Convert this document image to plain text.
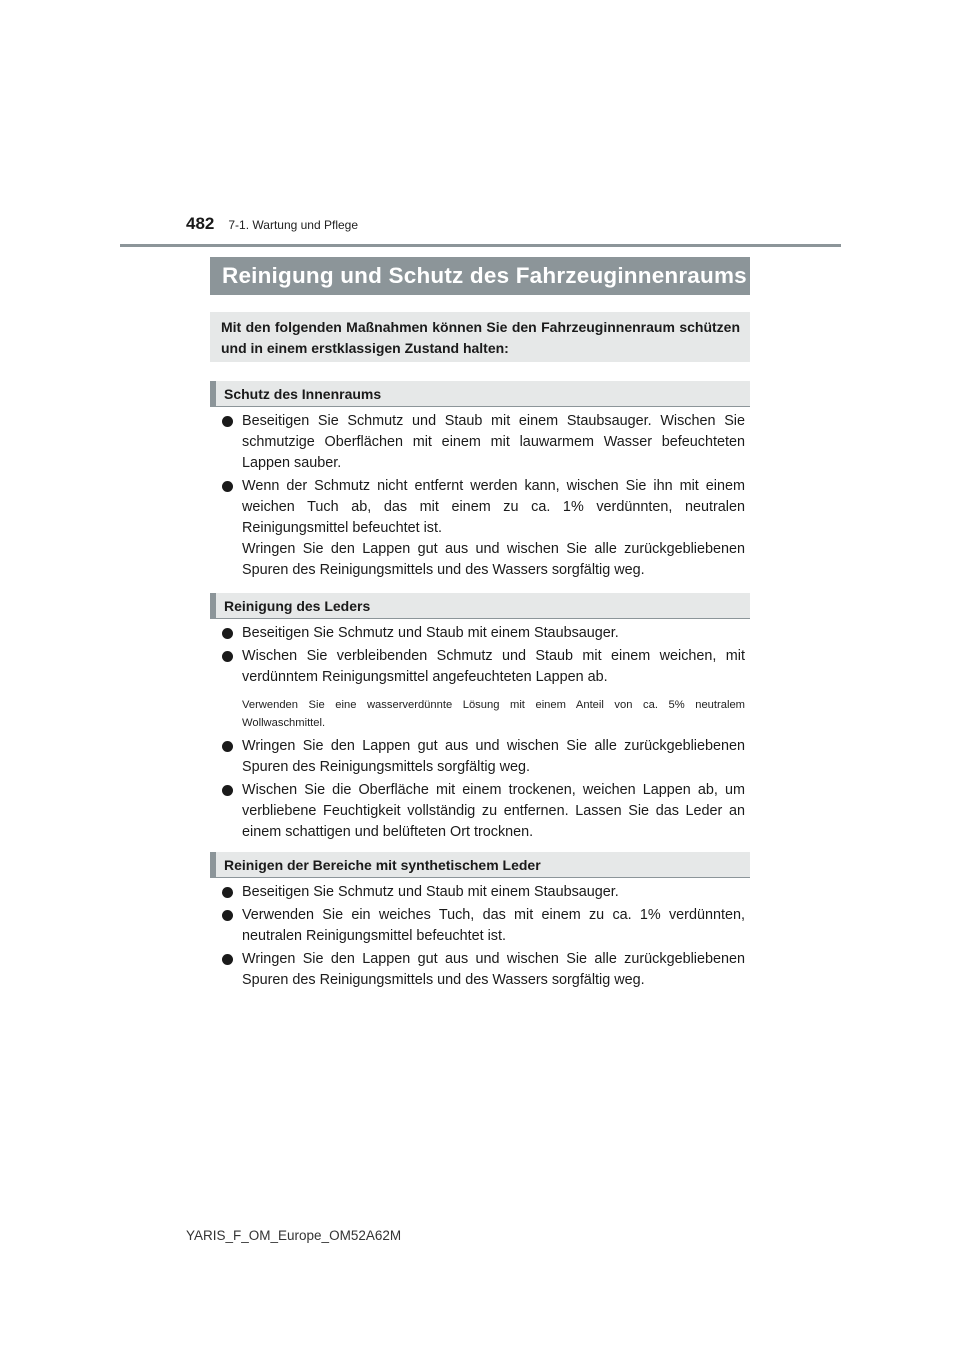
482 7-1. Wartung und Pflege
Reinigung und Schutz des Fahrzeuginnenraums
Mit den folgenden Maßnahmen können Sie den Fahrzeuginnenraum schützen und in einem erstklassigen Zustand halten:
Schutz des Innenraums
Beseitigen Sie Schmutz und Staub mit einem Staubsauger. Wischen Sie schmutzige Oberflächen mit einem mit lauwarmem Wasser befeuchteten Lappen sauber.
Wenn der Schmutz nicht entfernt werden kann, wischen Sie ihn mit einem weichen Tuch ab, das mit einem zu ca. 1% verdünnten, neutralen Reinigungsmittel befeuchtet ist.
Wringen Sie den Lappen gut aus und wischen Sie alle zurückgebliebenen Spuren des Reinigungsmittels und des Wassers sorgfältig weg.
Reinigung des Leders
Beseitigen Sie Schmutz und Staub mit einem Staubsauger.
Wischen Sie verbleibenden Schmutz und Staub mit einem weichen, mit verdünntem Reinigungsmittel angefeuchteten Lappen ab.
Verwenden Sie eine wasserverdünnte Lösung mit einem Anteil von ca. 5% neutralem Wollwaschmittel.
Wringen Sie den Lappen gut aus und wischen Sie alle zurückgebliebenen Spuren des Reinigungsmittels sorgfältig weg.
Wischen Sie die Oberfläche mit einem trockenen, weichen Lappen ab, um verbliebene Feuchtigkeit vollständig zu entfernen. Lassen Sie das Leder an einem schattigen und belüfteten Ort trocknen.
Reinigen der Bereiche mit synthetischem Leder
Beseitigen Sie Schmutz und Staub mit einem Staubsauger.
Verwenden Sie ein weiches Tuch, das mit einem zu ca. 1% verdünnten, neutralen Reinigungsmittel befeuchtet ist.
Wringen Sie den Lappen gut aus und wischen Sie alle zurückgebliebenen Spuren des Reinigungsmittels und des Wassers sorgfältig weg.
YARIS_F_OM_Europe_OM52A62M
